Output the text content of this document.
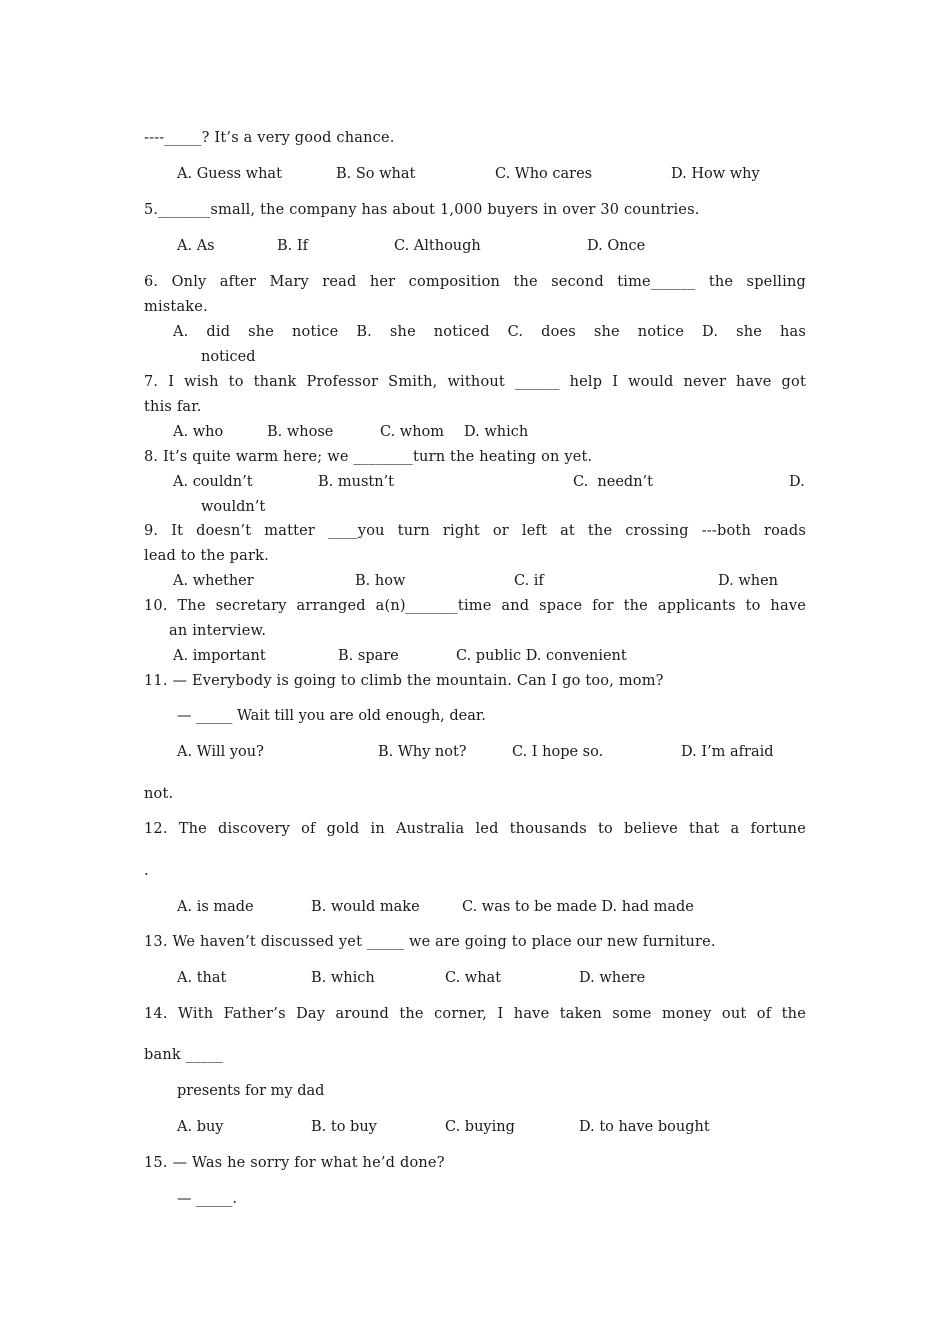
----_____? It’s a very good chance.
A. Guess what	B. So what	C. Who cares	D. How why
5._______small, the company has about 1,000 buyers in over 30 countries.
A. As	B. If	C. Although	D. Once
6. Only after Mary read her composition the second time______ the spelling
mistake.
A. did she notice B. she noticed C. does she notice D. she has
noticed
7. I wish to thank Professor Smith, without ______ help I would never have got
this far.
A. who	B. whose	C. whom D. which
8. It’s quite warm here; we ________turn the heating on yet.
A. couldn’t	B. mustn’t	C.  needn’t	D.
wouldn’t
9. It doesn’t matter ____you turn right or left at the crossing ---both roads
lead to the park.
A. whether	B. how	C. if	D. when
10. The secretary arranged a(n)_______time and space for the applicants to have
an interview.
A. important	B. spare	C. public D. convenient
11. — Everybody is going to climb the mountain. Can I go too, mom?
— _____ Wait till you are old enough, dear.
A. Will you?	B. Why not?	C. I hope so.	D. I’m afraid
not.
12. The discovery of gold in Australia led thousands to believe that a fortune
.
A. is made	B. would make	C. was to be made D. had made
13. We haven’t discussed yet _____ we are going to place our new furniture.
A. that	B. which	C. what	D. where
14. With Father’s Day around the corner, I have taken some money out of the
bank _____
presents for my dad
A. buy	B. to buy	C. buying	D. to have bought
15. — Was he sorry for what he’d done?
— _____.
